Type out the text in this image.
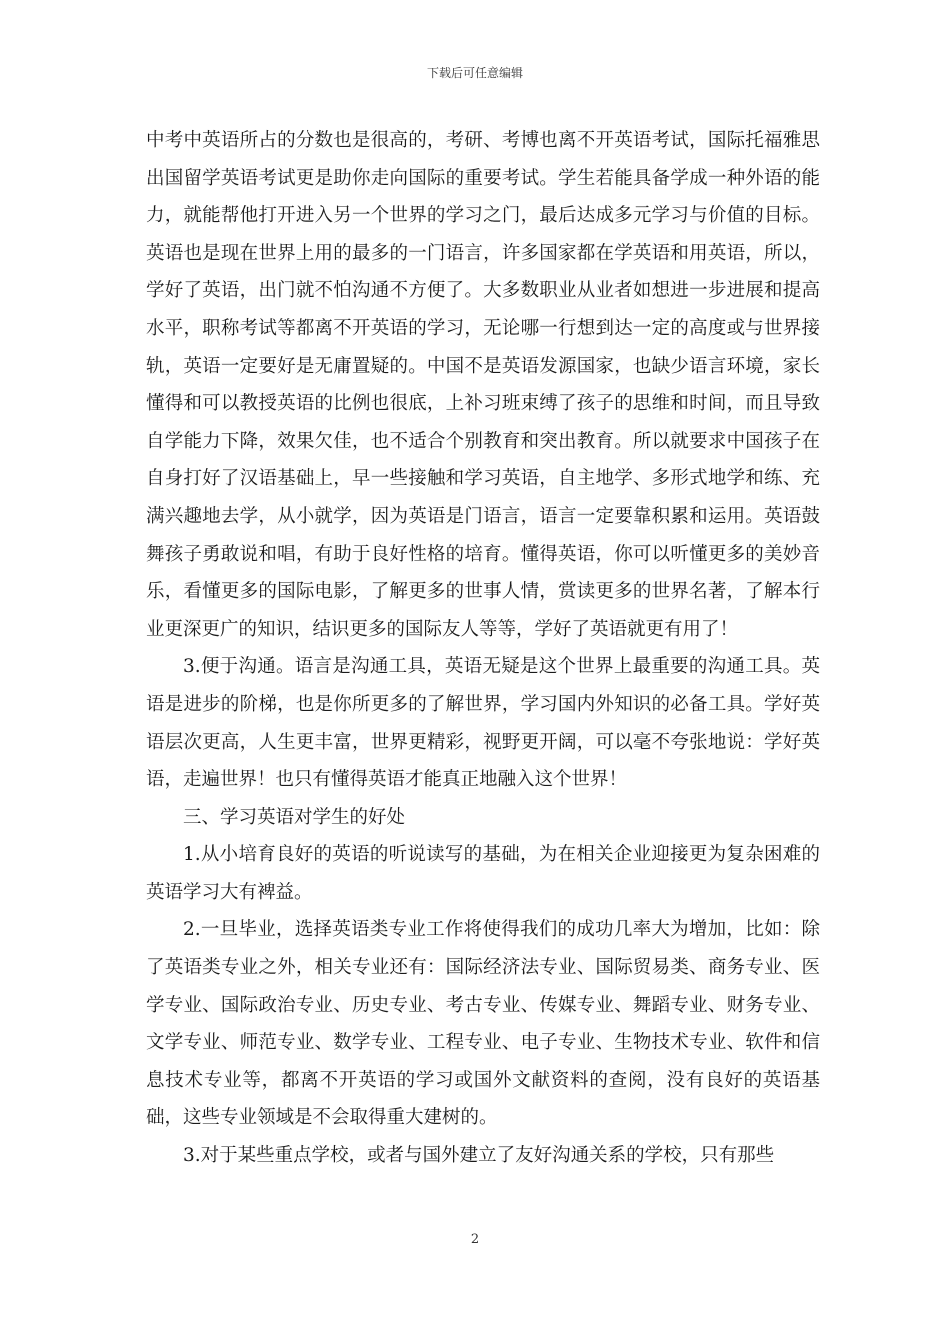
下载后可任意编辑

中考中英语所占的分数也是很高的，考研、考博也离不开英语考试，国际托福雅思出国留学英语考试更是助你走向国际的重要考试。学生若能具备学成一种外语的能力，就能帮他打开进入另一个世界的学习之门，最后达成多元学习与价值的目标。英语也是现在世界上用的最多的一门语言，许多国家都在学英语和用英语，所以，学好了英语，出门就不怕沟通不方便了。大多数职业从业者如想进一步进展和提高水平，职称考试等都离不开英语的学习，无论哪一行想到达一定的高度或与世界接轨，英语一定要好是无庸置疑的。中国不是英语发源国家，也缺少语言环境，家长懂得和可以教授英语的比例也很底，上补习班束缚了孩子的思维和时间，而且导致自学能力下降，效果欠佳，也不适合个别教育和突出教育。所以就要求中国孩子在自身打好了汉语基础上，早一些接触和学习英语，自主地学、多形式地学和练、充满兴趣地去学，从小就学，因为英语是门语言，语言一定要靠积累和运用。英语鼓舞孩子勇敢说和唱，有助于良好性格的培育。懂得英语，你可以听懂更多的美妙音乐，看懂更多的国际电影，了解更多的世事人情，赏读更多的世界名著，了解本行业更深更广的知识，结识更多的国际友人等等，学好了英语就更有用了！

3.便于沟通。语言是沟通工具，英语无疑是这个世界上最重要的沟通工具。英语是进步的阶梯，也是你所更多的了解世界，学习国内外知识的必备工具。学好英语层次更高，人生更丰富，世界更精彩，视野更开阔，可以毫不夸张地说：学好英语，走遍世界！也只有懂得英语才能真正地融入这个世界！

三、学习英语对学生的好处

1.从小培育良好的英语的听说读写的基础，为在相关企业迎接更为复杂困难的英语学习大有裨益。

2.一旦毕业，选择英语类专业工作将使得我们的成功几率大为增加，比如：除了英语类专业之外，相关专业还有：国际经济法专业、国际贸易类、商务专业、医学专业、国际政治专业、历史专业、考古专业、传媒专业、舞蹈专业、财务专业、文学专业、师范专业、数学专业、工程专业、电子专业、生物技术专业、软件和信息技术专业等，都离不开英语的学习或国外文献资料的查阅，没有良好的英语基础，这些专业领域是不会取得重大建树的。

3.对于某些重点学校，或者与国外建立了友好沟通关系的学校，只有那些

2
